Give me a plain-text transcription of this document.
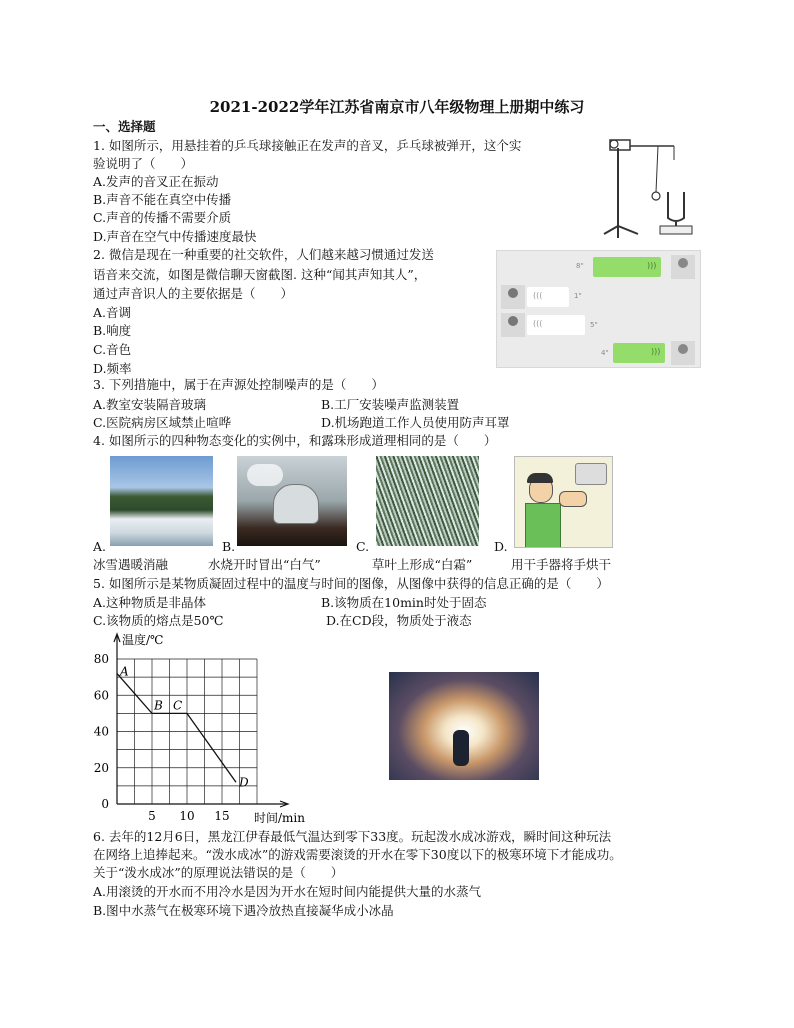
2021-2022学年江苏省南京市八年级物理上册期中练习
一、选择题
1. 如图所示，用悬挂着的乒乓球接触正在发声的音叉，乒乓球被弹开，这个实
验说明了（　　）
A.发声的音叉正在振动
B.声音不能在真空中传播
C.声音的传播不需要介质
D.声音在空气中传播速度最快
2. 微信是现在一种重要的社交软件，人们越来越习惯通过发送
语音来交流，如图是微信聊天窗截图. 这种“闻其声知其人”，
通过声音识人的主要依据是（　　）
A.音调
B.响度
C.音色
D.频率
)))
8"
(((	1"
(((	5"
)))
4"
3. 下列措施中，属于在声源处控制噪声的是（　　）
A.教室安装隔音玻璃	B.工厂安装噪声监测装置
C.医院病房区域禁止喧哗	D.机场跑道工作人员使用防声耳罩
4. 如图所示的四种物态变化的实例中，和露珠形成道理相同的是（　　）
A.	B.	C.	D.
冰雪遇暖消融	水烧开时冒出“白气”	草叶上形成“白霜”	用干手器将手烘干
5. 如图所示是某物质凝固过程中的温度与时间的图像，从图像中获得的信息正确的是（　　）
A.这种物质是非晶体	B.该物质在10min时处于固态
C.该物质的熔点是50℃	D.在CD段，物质处于液态
0
20
40
60
80
5 10 15
A
B C
D
温度/℃
时间/min
6. 去年的12月6日，黑龙江伊春最低气温达到零下33度。玩起泼水成冰游戏，瞬时间这种玩法
在网络上追捧起来。“泼水成冰”的游戏需要滚烫的开水在零下30度以下的极寒环境下才能成功。
关于“泼水成冰”的原理说法错误的是（　　）
A.用滚烫的开水而不用冷水是因为开水在短时间内能提供大量的水蒸气
B.图中水蒸气在极寒环境下遇冷放热直接凝华成小冰晶
